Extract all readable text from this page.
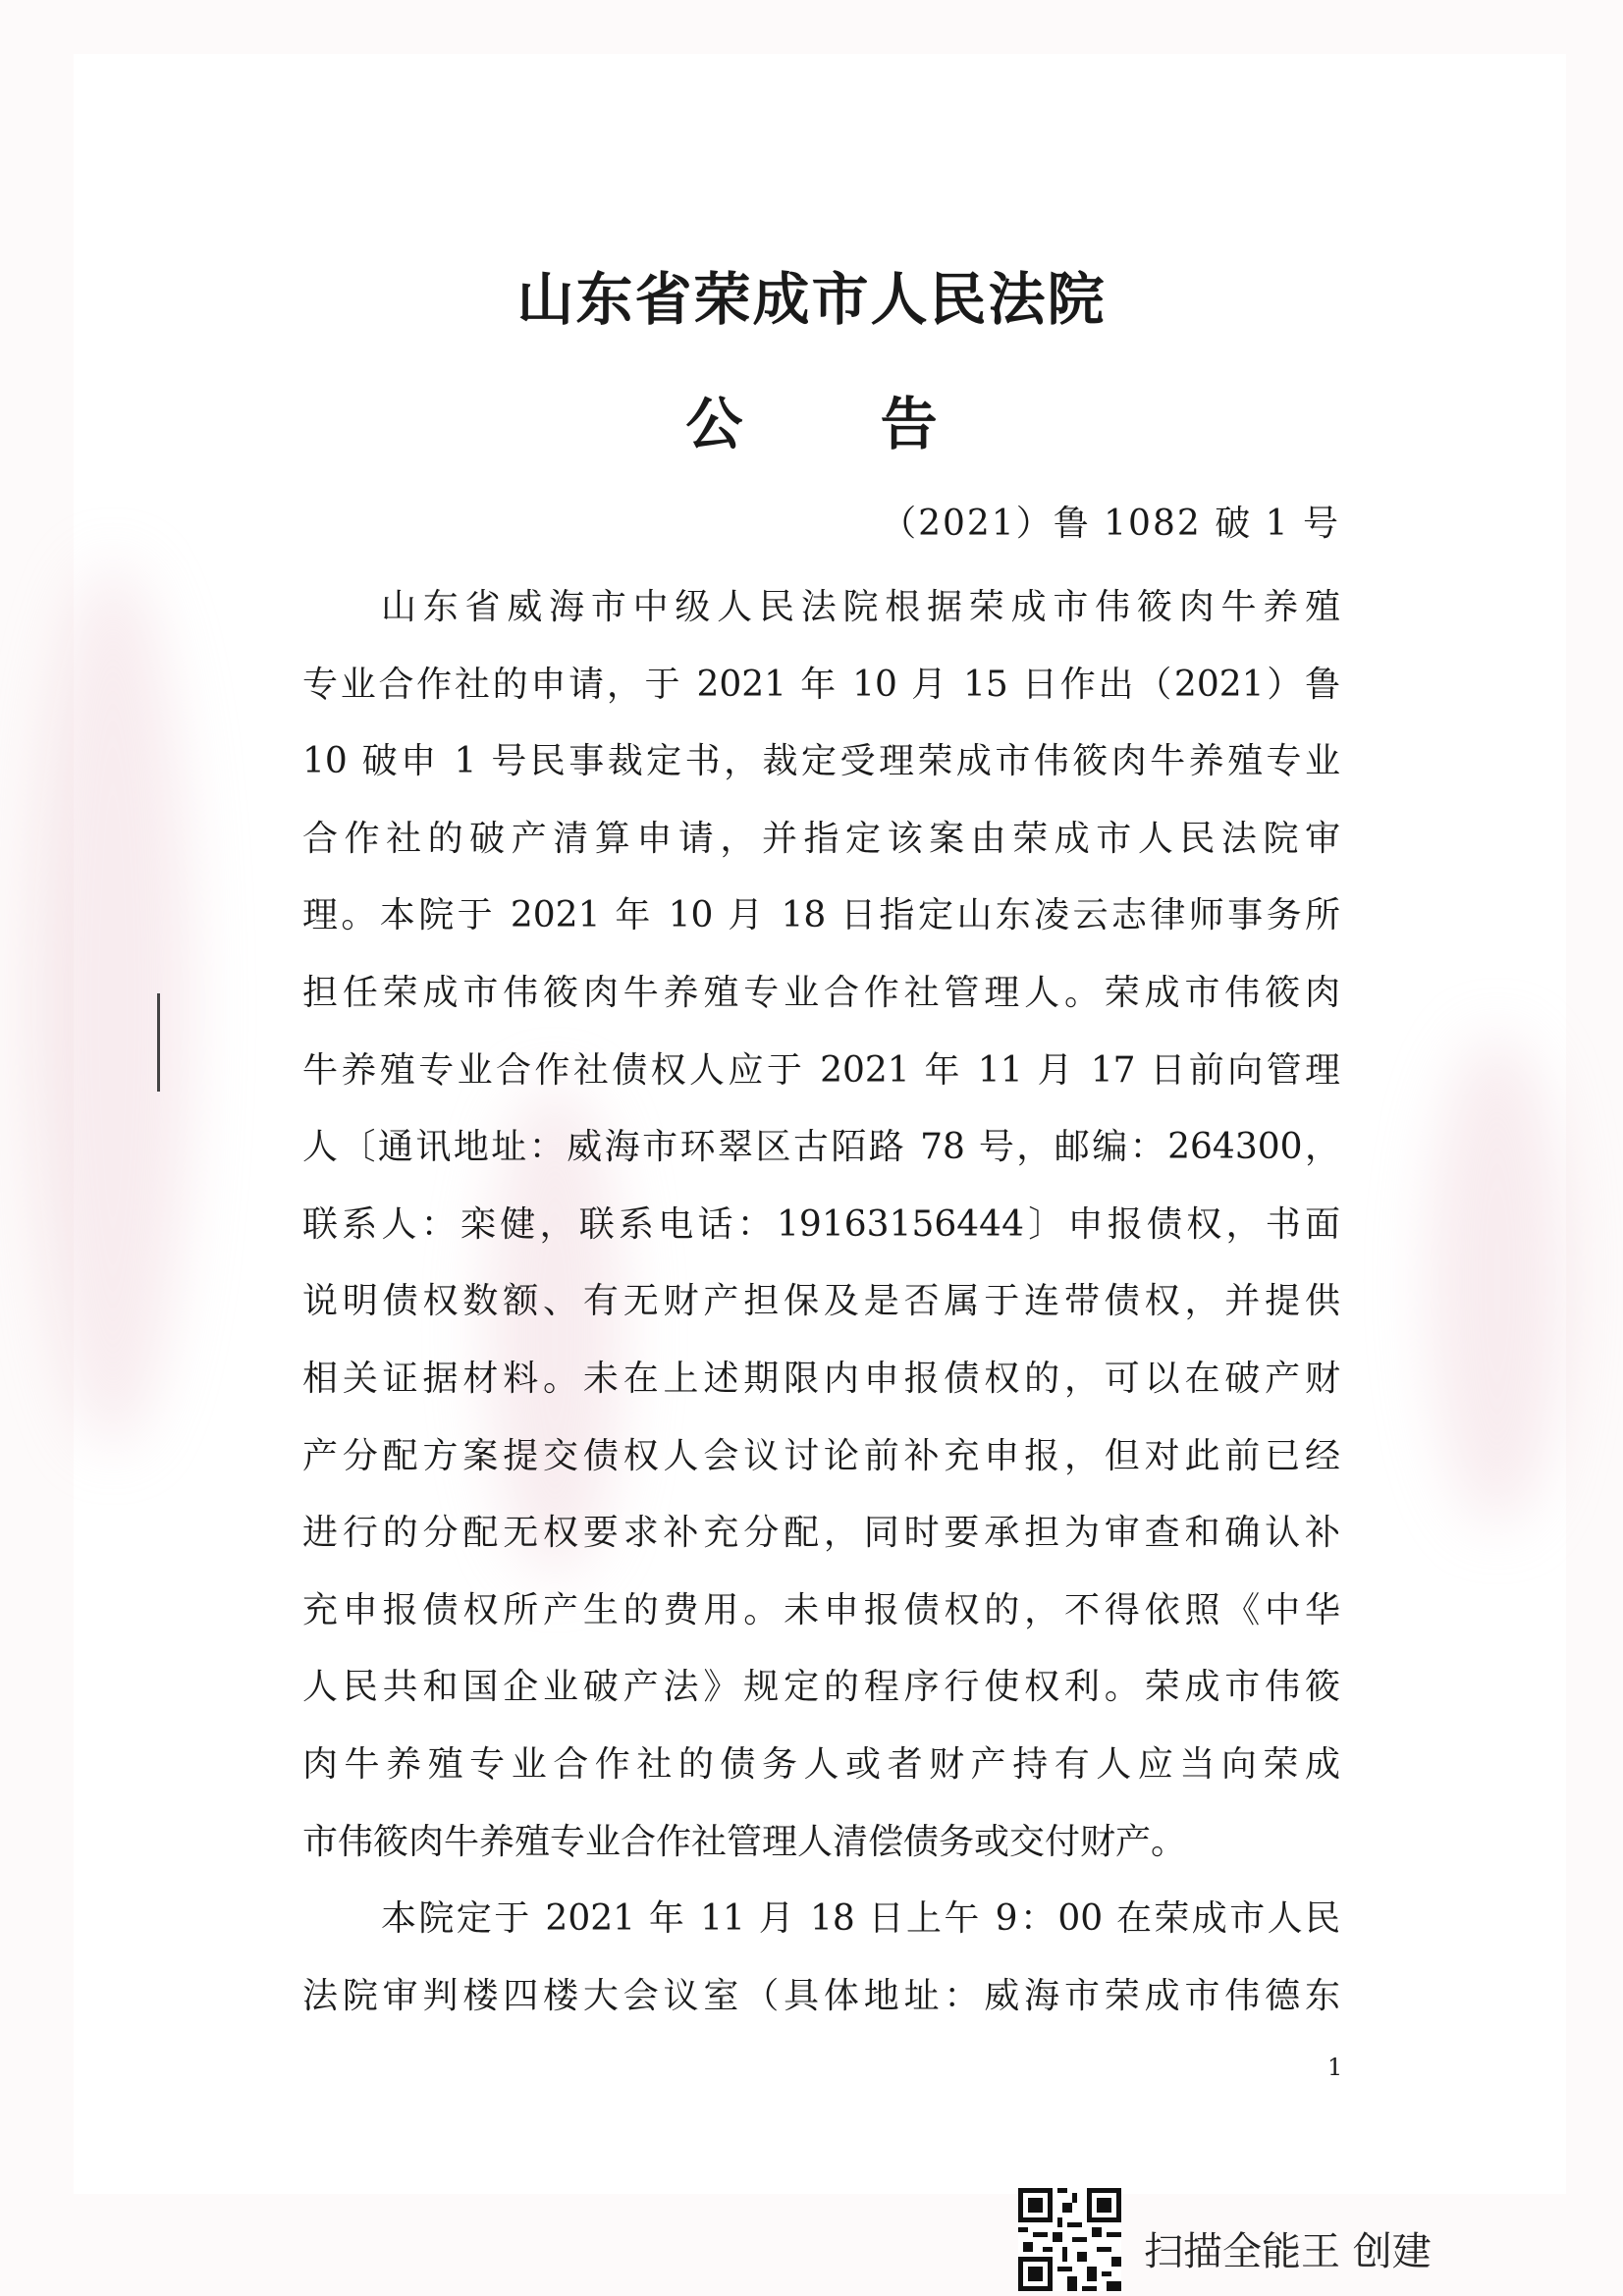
山东省荣成市人民法院
公 告
（2021）鲁 1082 破 1 号
山东省威海市中级人民法院根据荣成市伟筱肉牛养殖
专业合作社的申请，于 2021 年 10 月 15 日作出（2021）鲁
10 破申 1 号民事裁定书，裁定受理荣成市伟筱肉牛养殖专业
合作社的破产清算申请，并指定该案由荣成市人民法院审
理。本院于 2021 年 10 月 18 日指定山东凌云志律师事务所
担任荣成市伟筱肉牛养殖专业合作社管理人。荣成市伟筱肉
牛养殖专业合作社债权人应于 2021 年 11 月 17 日前向管理
人〔通讯地址：威海市环翠区古陌路 78 号，邮编：264300，
联系人：栾健，联系电话：19163156444〕申报债权，书面
说明债权数额、有无财产担保及是否属于连带债权，并提供
相关证据材料。未在上述期限内申报债权的，可以在破产财
产分配方案提交债权人会议讨论前补充申报，但对此前已经
进行的分配无权要求补充分配，同时要承担为审查和确认补
充申报债权所产生的费用。未申报债权的，不得依照《中华
人民共和国企业破产法》规定的程序行使权利。荣成市伟筱
肉牛养殖专业合作社的债务人或者财产持有人应当向荣成
市伟筱肉牛养殖专业合作社管理人清偿债务或交付财产。
本院定于 2021 年 11 月 18 日上午 9：00 在荣成市人民
法院审判楼四楼大会议室（具体地址：威海市荣成市伟德东
1
扫描全能王 创建
